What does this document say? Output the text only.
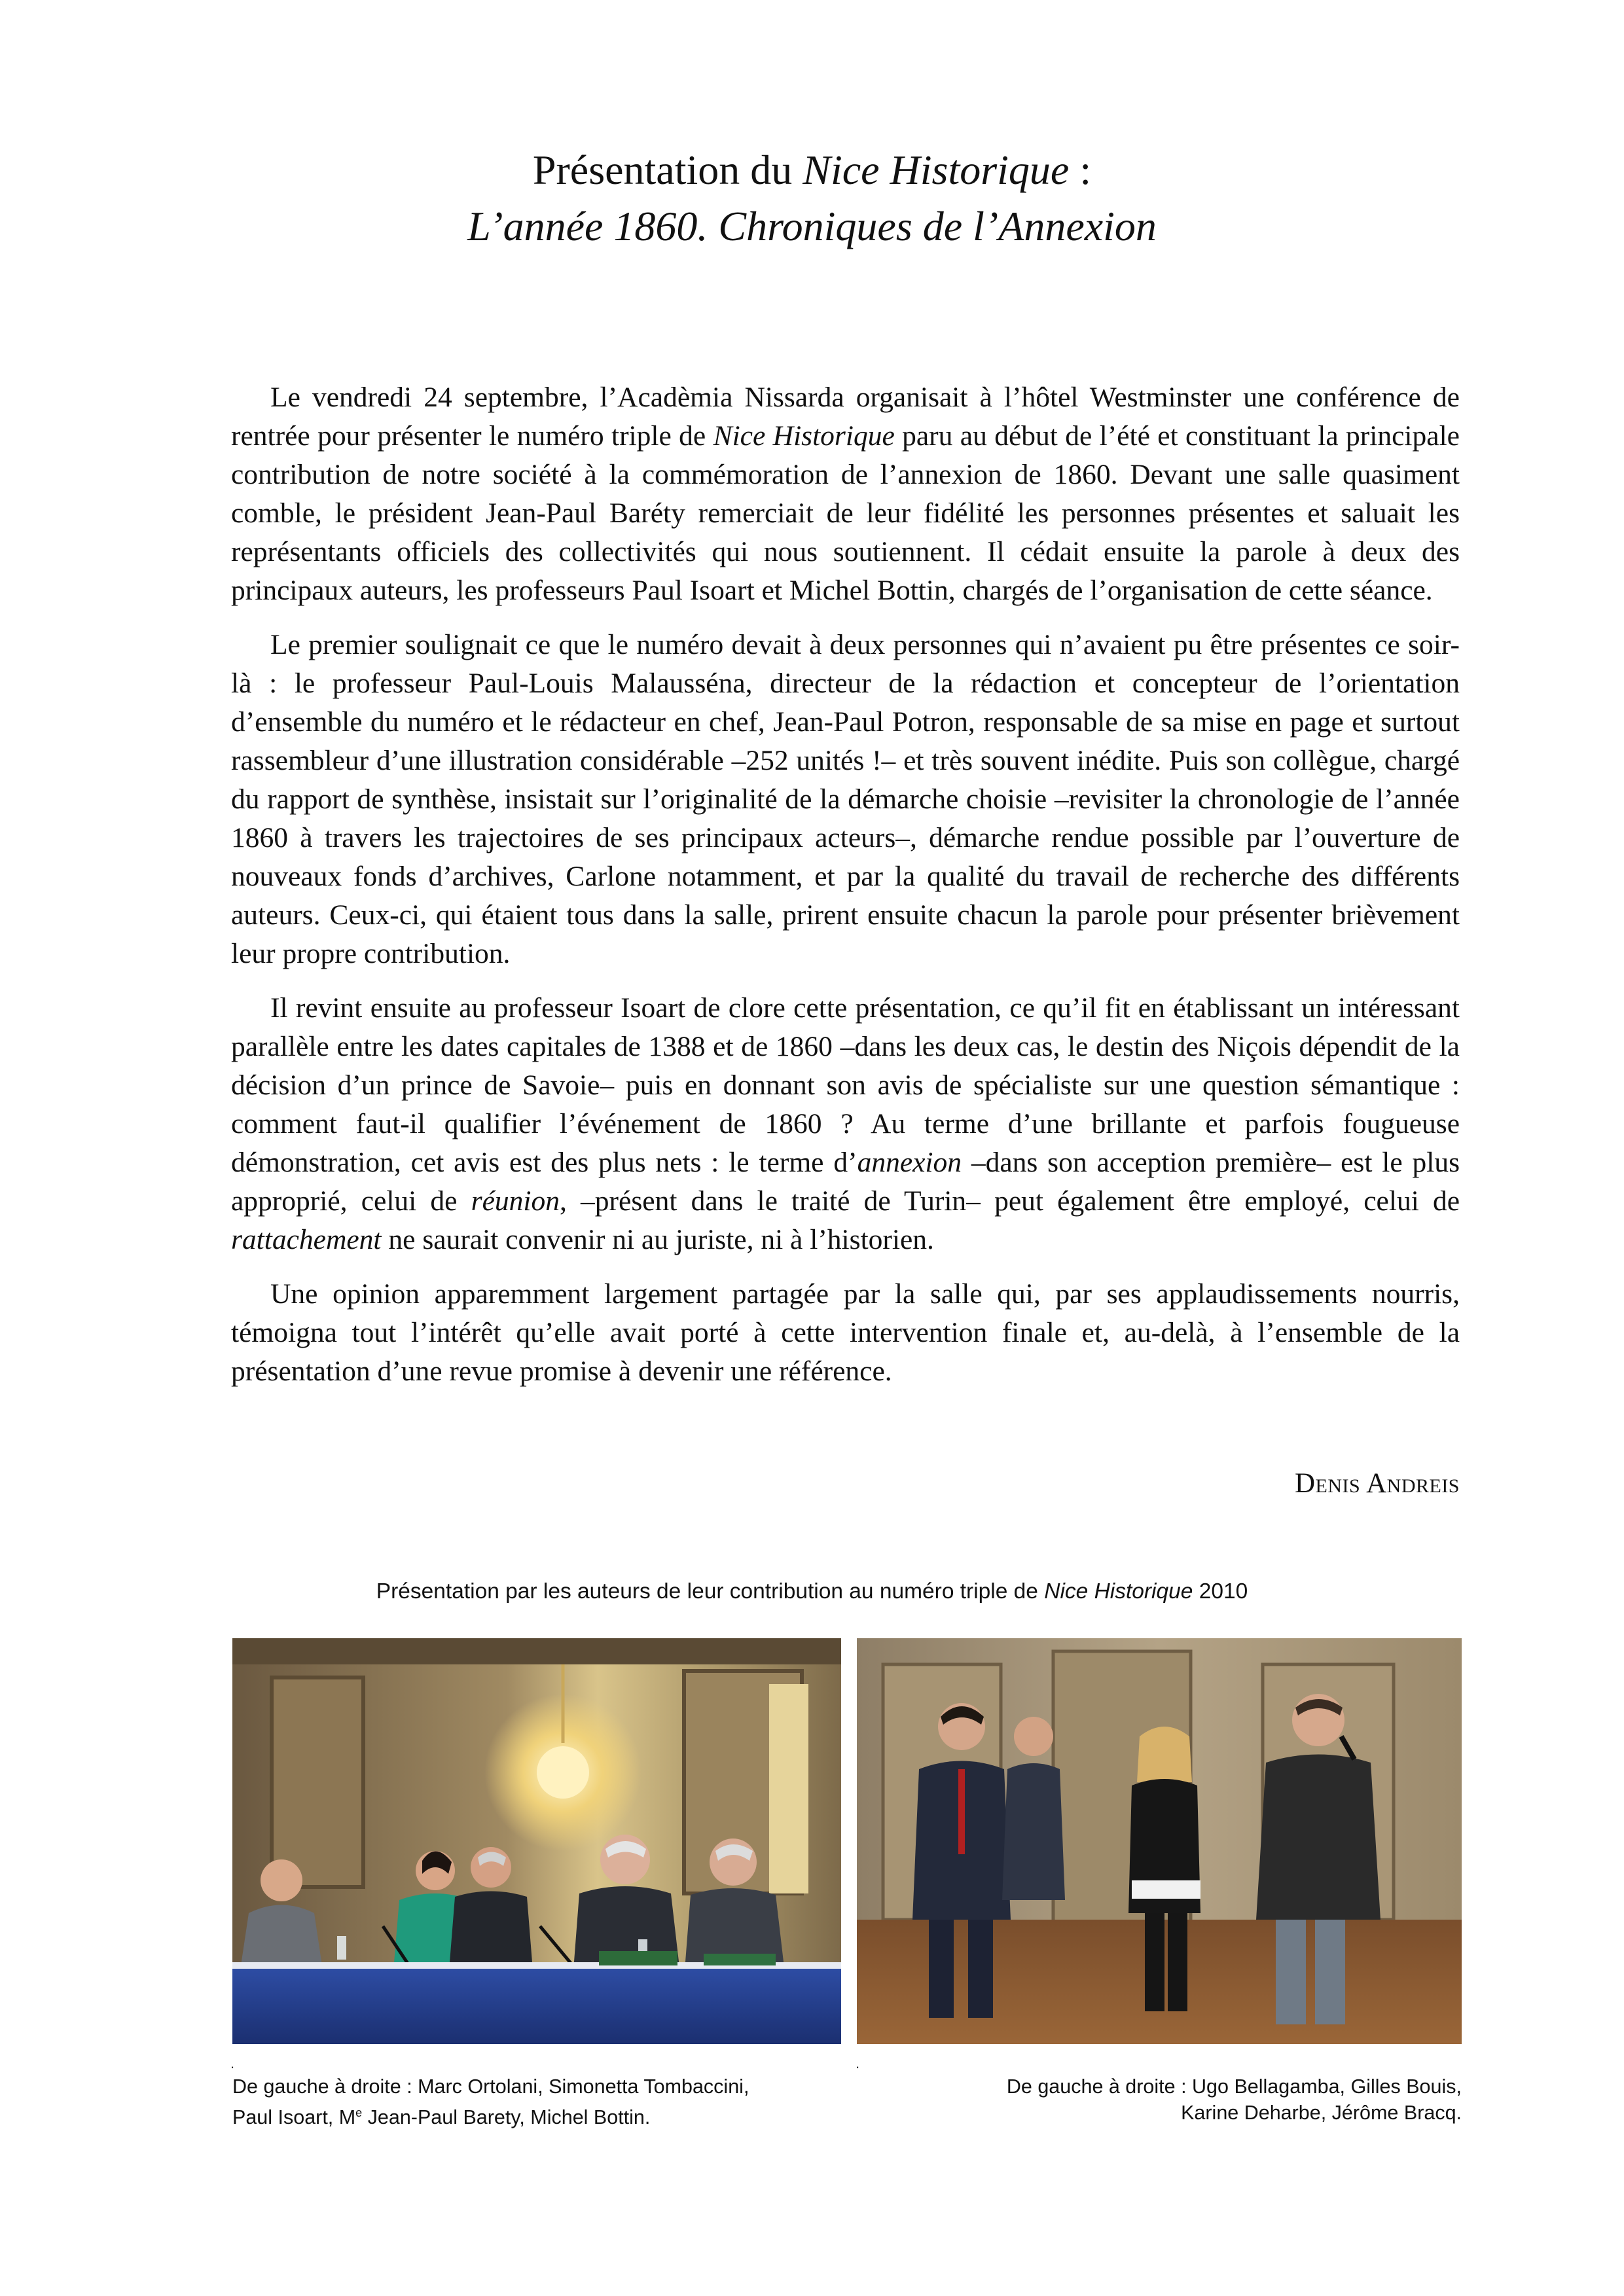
Présentation du Nice Historique :
L’année 1860. Chroniques de l’Annexion

Le vendredi 24 septembre, l’Acadèmia Nissarda organisait à l’hôtel Westminster une conférence de rentrée pour présenter le numéro triple de Nice Historique paru au début de l’été et constituant la principale contribution de notre société à la commémoration de l’annexion de 1860. Devant une salle quasiment comble, le président Jean-Paul Baréty remerciait de leur fidélité les personnes présentes et saluait les représentants officiels des collectivités qui nous soutiennent. Il cédait ensuite la parole à deux des principaux auteurs, les professeurs Paul Isoart et Michel Bottin, chargés de l’organisation de cette séance.

Le premier soulignait ce que le numéro devait à deux personnes qui n’avaient pu être présentes ce soir-là : le professeur Paul-Louis Malausséna, directeur de la rédaction et concepteur de l’orientation d’ensemble du numéro et le rédacteur en chef, Jean-Paul Potron, responsable de sa mise en page et surtout rassembleur d’une illustration considérable –252 unités !– et très souvent inédite. Puis son collègue, chargé du rapport de synthèse, insistait sur l’originalité de la démarche choisie –revisiter la chronologie de l’année 1860 à travers les trajectoires de ses principaux acteurs–, démarche rendue possible par l’ouverture de nouveaux fonds d’archives, Carlone notamment, et par la qualité du travail de recherche des différents auteurs. Ceux-ci, qui étaient tous dans la salle, prirent ensuite chacun la parole pour présenter brièvement leur propre contribution.

Il revint ensuite au professeur Isoart de clore cette présentation, ce qu’il fit en établissant un intéressant parallèle entre les dates capitales de 1388 et de 1860 –dans les deux cas, le destin des Niçois dépendit de la décision d’un prince de Savoie– puis en donnant son avis de spécialiste sur une question sémantique : comment faut-il qualifier l’événement de 1860 ? Au terme d’une brillante et parfois fougueuse démonstration, cet avis est des plus nets : le terme d’annexion –dans son acception première– est le plus approprié, celui de réunion, –présent dans le traité de Turin– peut également être employé, celui de rattachement ne saurait convenir ni au juriste, ni à l’historien.

Une opinion apparemment largement partagée par la salle qui, par ses applaudissements nourris, témoigna tout l’intérêt qu’elle avait porté à cette intervention finale et, au-delà, à l’ensemble de la présentation d’une revue promise à devenir une référence.

Denis Andreis
Présentation par les auteurs de leur contribution au numéro triple de Nice Historique 2010
.	.
De gauche à droite : Marc Ortolani, Simonetta Tombaccini,
Paul Isoart, Me Jean-Paul Barety, Michel Bottin.
De gauche à droite : Ugo Bellagamba, Gilles Bouis,
Karine Deharbe, Jérôme Bracq.
